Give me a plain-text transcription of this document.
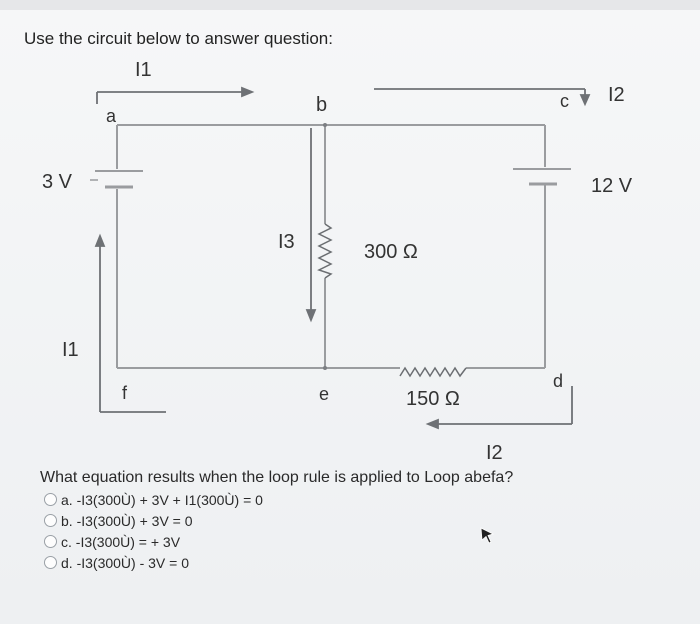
Use the circuit below to answer question:
I1
I2
I3
I1
I2
a	b	c
d
e
f
3 V	12 V
300 Ω
150 Ω
What equation results when the loop rule is applied to Loop abefa?
a. -I3(300Ù) + 3V + I1(300Ù) = 0
b. -I3(300Ù) + 3V = 0
c. -I3(300Ù) = + 3V
d. -I3(300Ù) - 3V = 0
